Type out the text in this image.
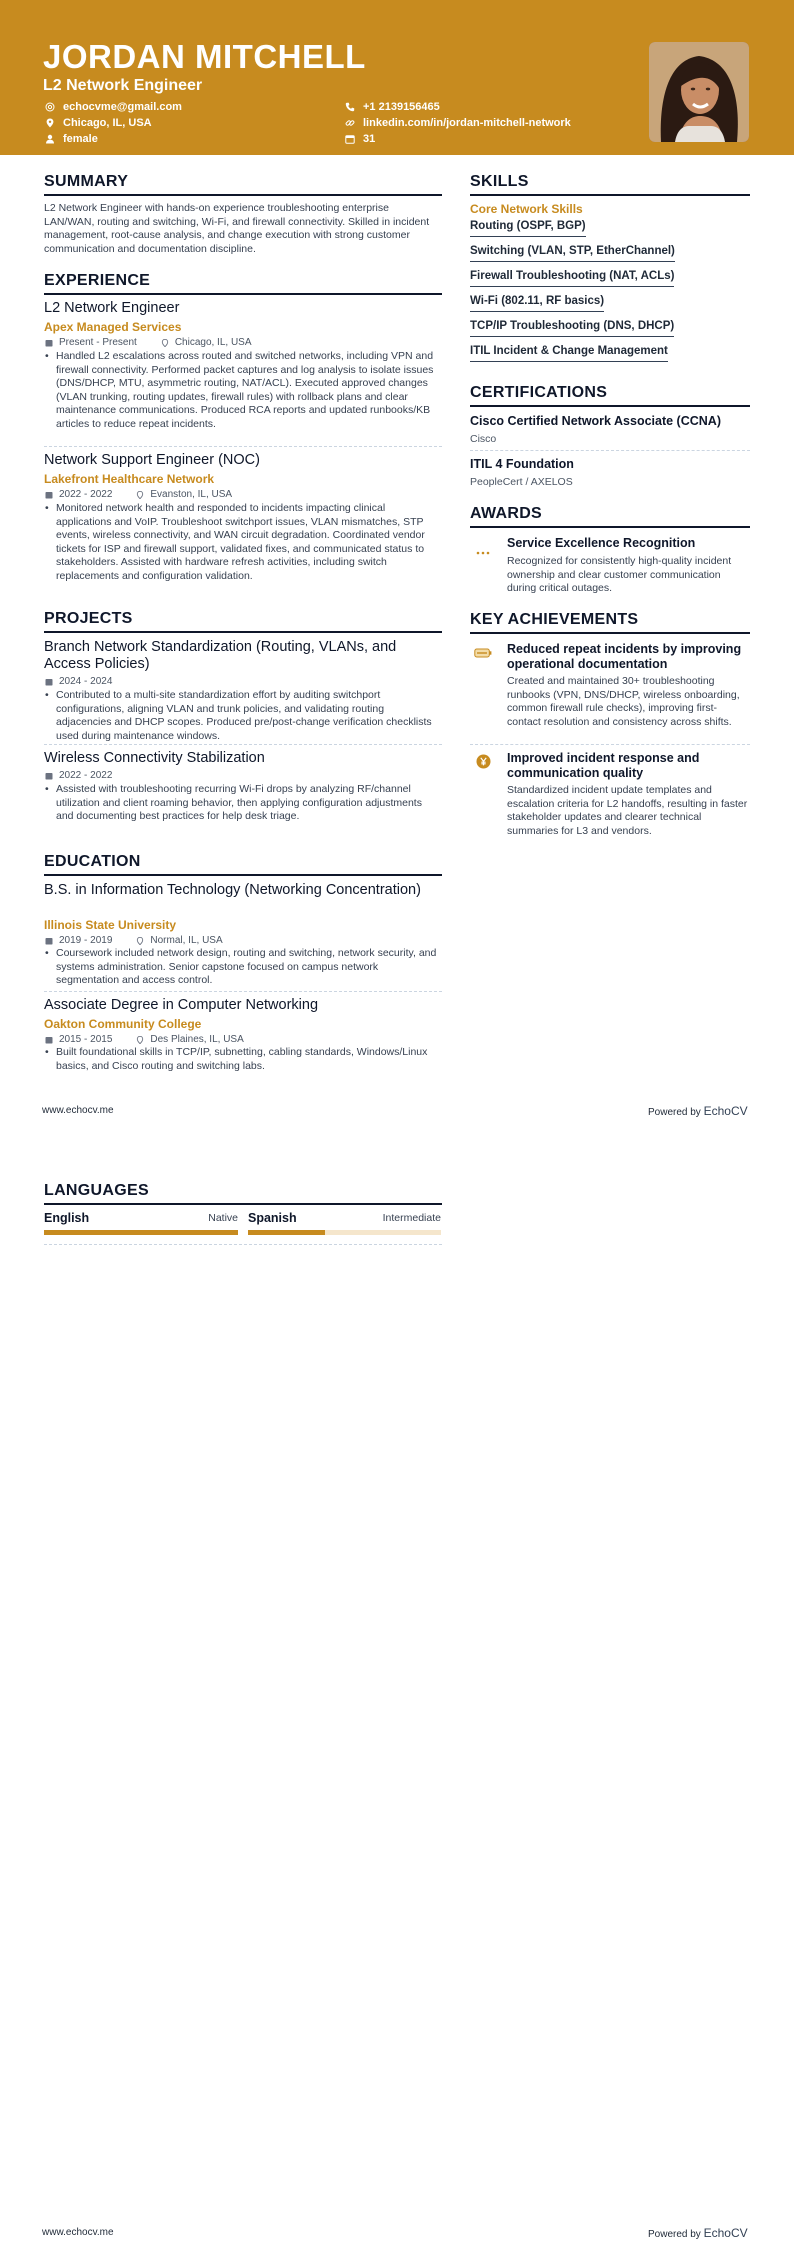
JORDAN MITCHELL
L2 Network Engineer
echocvme@gmail.com
Chicago, IL, USA
female
+1 2139156465
linkedin.com/in/jordan-mitchell-network
31
SUMMARY
L2 Network Engineer with hands-on experience troubleshooting enterprise LAN/WAN, routing and switching, Wi-Fi, and firewall connectivity. Skilled in incident management, root-cause analysis, and change execution with strong customer communication and documentation discipline.
EXPERIENCE
L2 Network Engineer
Apex Managed Services
Present - Present	Chicago, IL, USA
• Handled L2 escalations across routed and switched networks, including VPN and firewall connectivity. Performed packet captures and log analysis to isolate issues (DNS/DHCP, MTU, asymmetric routing, NAT/ACL). Executed approved changes (VLAN trunking, routing updates, firewall rules) with rollback plans and clear maintenance communications. Produced RCA reports and updated runbooks/KB articles to reduce repeat incidents.
Network Support Engineer (NOC)
Lakefront Healthcare Network
2022 - 2022	Evanston, IL, USA
• Monitored network health and responded to incidents impacting clinical applications and VoIP. Troubleshoot switchport issues, VLAN mismatches, STP events, wireless connectivity, and WAN circuit degradation. Coordinated vendor tickets for ISP and firewall support, validated fixes, and communicated status to stakeholders. Assisted with hardware refresh activities, including switch replacements and configuration validation.
PROJECTS
Branch Network Standardization (Routing, VLANs, and Access Policies)
2024 - 2024
• Contributed to a multi-site standardization effort by auditing switchport configurations, aligning VLAN and trunk policies, and validating routing adjacencies and DHCP scopes. Produced pre/post-change verification checklists used during maintenance windows.
Wireless Connectivity Stabilization
2022 - 2022
• Assisted with troubleshooting recurring Wi-Fi drops by analyzing RF/channel utilization and client roaming behavior, then applying configuration adjustments and documenting best practices for help desk triage.
EDUCATION
B.S. in Information Technology (Networking Concentration)
Illinois State University
2019 - 2019	Normal, IL, USA
• Coursework included network design, routing and switching, network security, and systems administration. Senior capstone focused on campus network segmentation and access control.
Associate Degree in Computer Networking
Oakton Community College
2015 - 2015	Des Plaines, IL, USA
• Built foundational skills in TCP/IP, subnetting, cabling standards, Windows/Linux basics, and Cisco routing and switching labs.
SKILLS
Core Network Skills
Routing (OSPF, BGP)
Switching (VLAN, STP, EtherChannel)
Firewall Troubleshooting (NAT, ACLs)
Wi-Fi (802.11, RF basics)
TCP/IP Troubleshooting (DNS, DHCP)
ITIL Incident & Change Management
CERTIFICATIONS
Cisco Certified Network Associate (CCNA)
Cisco
ITIL 4 Foundation
PeopleCert / AXELOS
AWARDS
Service Excellence Recognition
Recognized for consistently high-quality incident ownership and clear customer communication during critical outages.
KEY ACHIEVEMENTS
Reduced repeat incidents by improving operational documentation
Created and maintained 30+ troubleshooting runbooks (VPN, DNS/DHCP, wireless onboarding, common firewall rule checks), improving first-contact resolution and consistency across shifts.
Improved incident response and communication quality
Standardized incident update templates and escalation criteria for L2 handoffs, resulting in faster stakeholder updates and clearer technical summaries for L3 and vendors.
www.echocv.me	Powered by EchoCV
LANGUAGES
English	Native Spanish	Intermediate
www.echocv.me	Powered by EchoCV
